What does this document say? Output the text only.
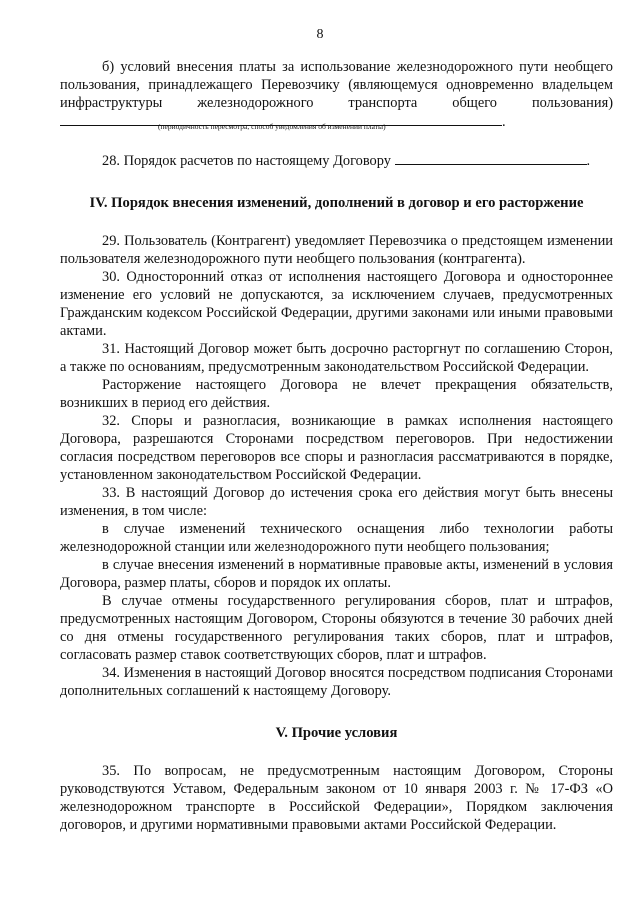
8

б) условий внесения платы за использование железнодорожного пути необщего пользования, принадлежащего Перевозчику (являющемуся одновременно владельцем инфраструктуры железнодорожного транспорта общего пользования)
(периодичность пересмотра, способ уведомления об изменении платы)	.

28. Порядок расчетов по настоящему Договору	.

IV. Порядок внесения изменений, дополнений в договор и его расторжение

29. Пользователь (Контрагент) уведомляет Перевозчика о предстоящем изменении пользователя железнодорожного пути необщего пользования (контрагента).

30. Односторонний отказ от исполнения настоящего Договора и одностороннее изменение его условий не допускаются, за исключением случаев, предусмотренных Гражданским кодексом Российской Федерации, другими законами или иными правовыми актами.

31. Настоящий Договор может быть досрочно расторгнут по соглашению Сторон, а также по основаниям, предусмотренным законодательством Российской Федерации.

Расторжение настоящего Договора не влечет прекращения обязательств, возникших в период его действия.

32. Споры и разногласия, возникающие в рамках исполнения настоящего Договора, разрешаются Сторонами посредством переговоров. При недостижении согласия посредством переговоров все споры и разногласия рассматриваются в порядке, установленном законодательством Российской Федерации.

33. В настоящий Договор до истечения срока его действия могут быть внесены изменения, в том числе:

в случае изменений технического оснащения либо технологии работы железнодорожной станции или железнодорожного пути необщего пользования;

в случае внесения изменений в нормативные правовые акты, изменений в условия Договора, размер платы, сборов и порядок их оплаты.

В случае отмены государственного регулирования сборов, плат и штрафов, предусмотренных настоящим Договором, Стороны обязуются в течение 30 рабочих дней со дня отмены государственного регулирования таких сборов, плат и штрафов, согласовать размер ставок соответствующих сборов, плат и штрафов.

34. Изменения в настоящий Договор вносятся посредством подписания Сторонами дополнительных соглашений к настоящему Договору.

V. Прочие условия

35. По вопросам, не предусмотренным настоящим Договором, Стороны руководствуются Уставом, Федеральным законом от 10 января 2003 г. № 17-ФЗ «О железнодорожном транспорте в Российской Федерации», Порядком заключения договоров, и другими нормативными правовыми актами Российской Федерации.
